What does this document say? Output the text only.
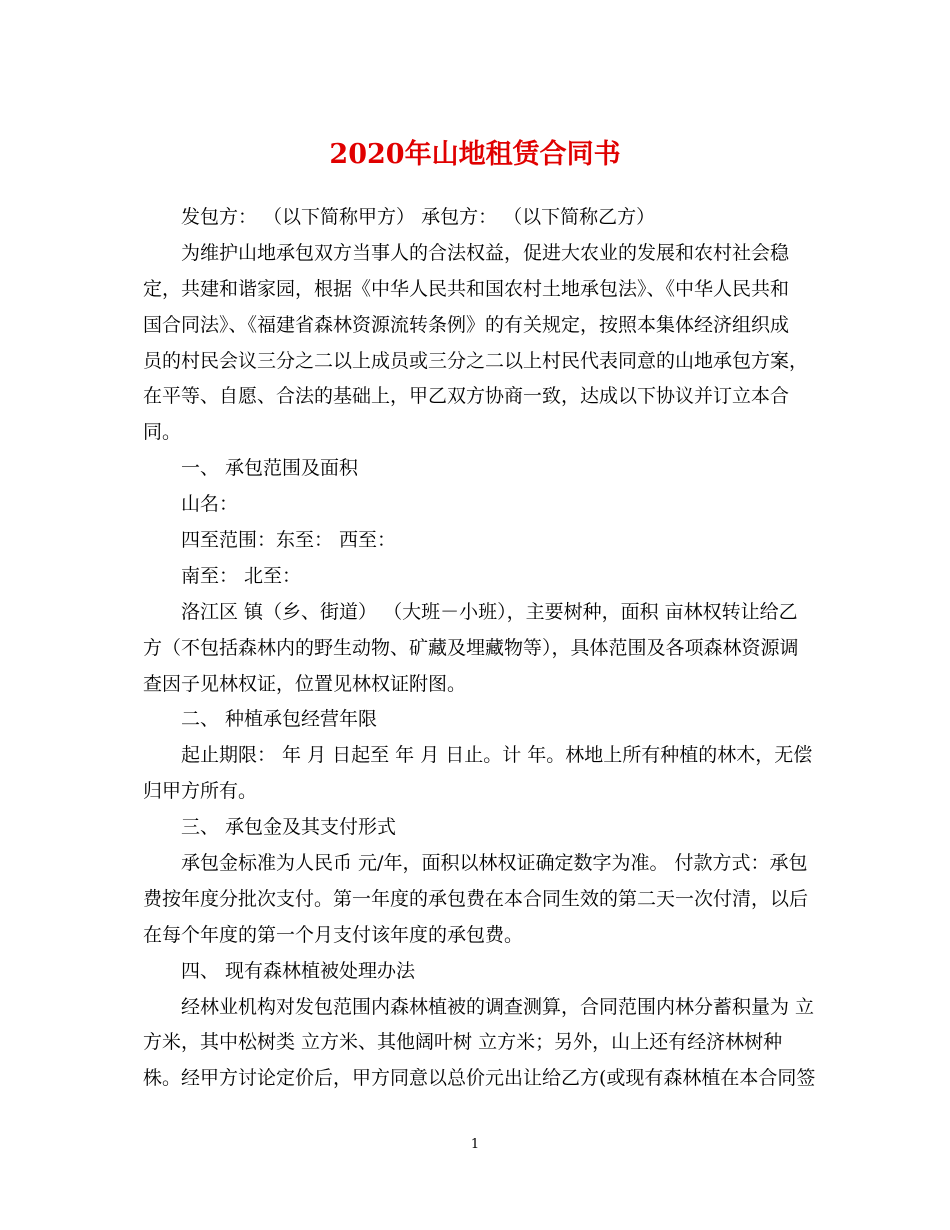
2020年山地租赁合同书

发包方： （以下简称甲方） 承包方： （以下简称乙方）

为维护山地承包双方当事人的合法权益，促进大农业的发展和农村社会稳

定，共建和谐家园，根据《中华人民共和国农村土地承包法》、《中华人民共和

国合同法》、《福建省森林资源流转条例》的有关规定，按照本集体经济组织成

员的村民会议三分之二以上成员或三分之二以上村民代表同意的山地承包方案，

在平等、自愿、合法的基础上，甲乙双方协商一致，达成以下协议并订立本合

同。

一、 承包范围及面积

山名：

四至范围：东至： 西至：

南至： 北至：

洛江区 镇（乡、街道） （大班－小班），主要树种，面积 亩林权转让给乙

方（不包括森林内的野生动物、矿藏及埋藏物等），具体范围及各项森林资源调

查因子见林权证，位置见林权证附图。

二、 种植承包经营年限

起止期限： 年 月 日起至 年 月 日止。计 年。林地上所有种植的林木，无偿

归甲方所有。

三、 承包金及其支付形式

承包金标准为人民币 元/年，面积以林权证确定数字为准。 付款方式：承包

费按年度分批次支付。第一年度的承包费在本合同生效的第二天一次付清，以后

在每个年度的第一个月支付该年度的承包费。

四、 现有森林植被处理办法

经林业机构对发包范围内森林植被的调查测算，合同范围内林分蓄积量为 立

方米，其中松树类 立方米、其他阔叶树 立方米；另外，山上还有经济林树种

株。经甲方讨论定价后，甲方同意以总价元出让给乙方(或现有森林植在本合同签

1
